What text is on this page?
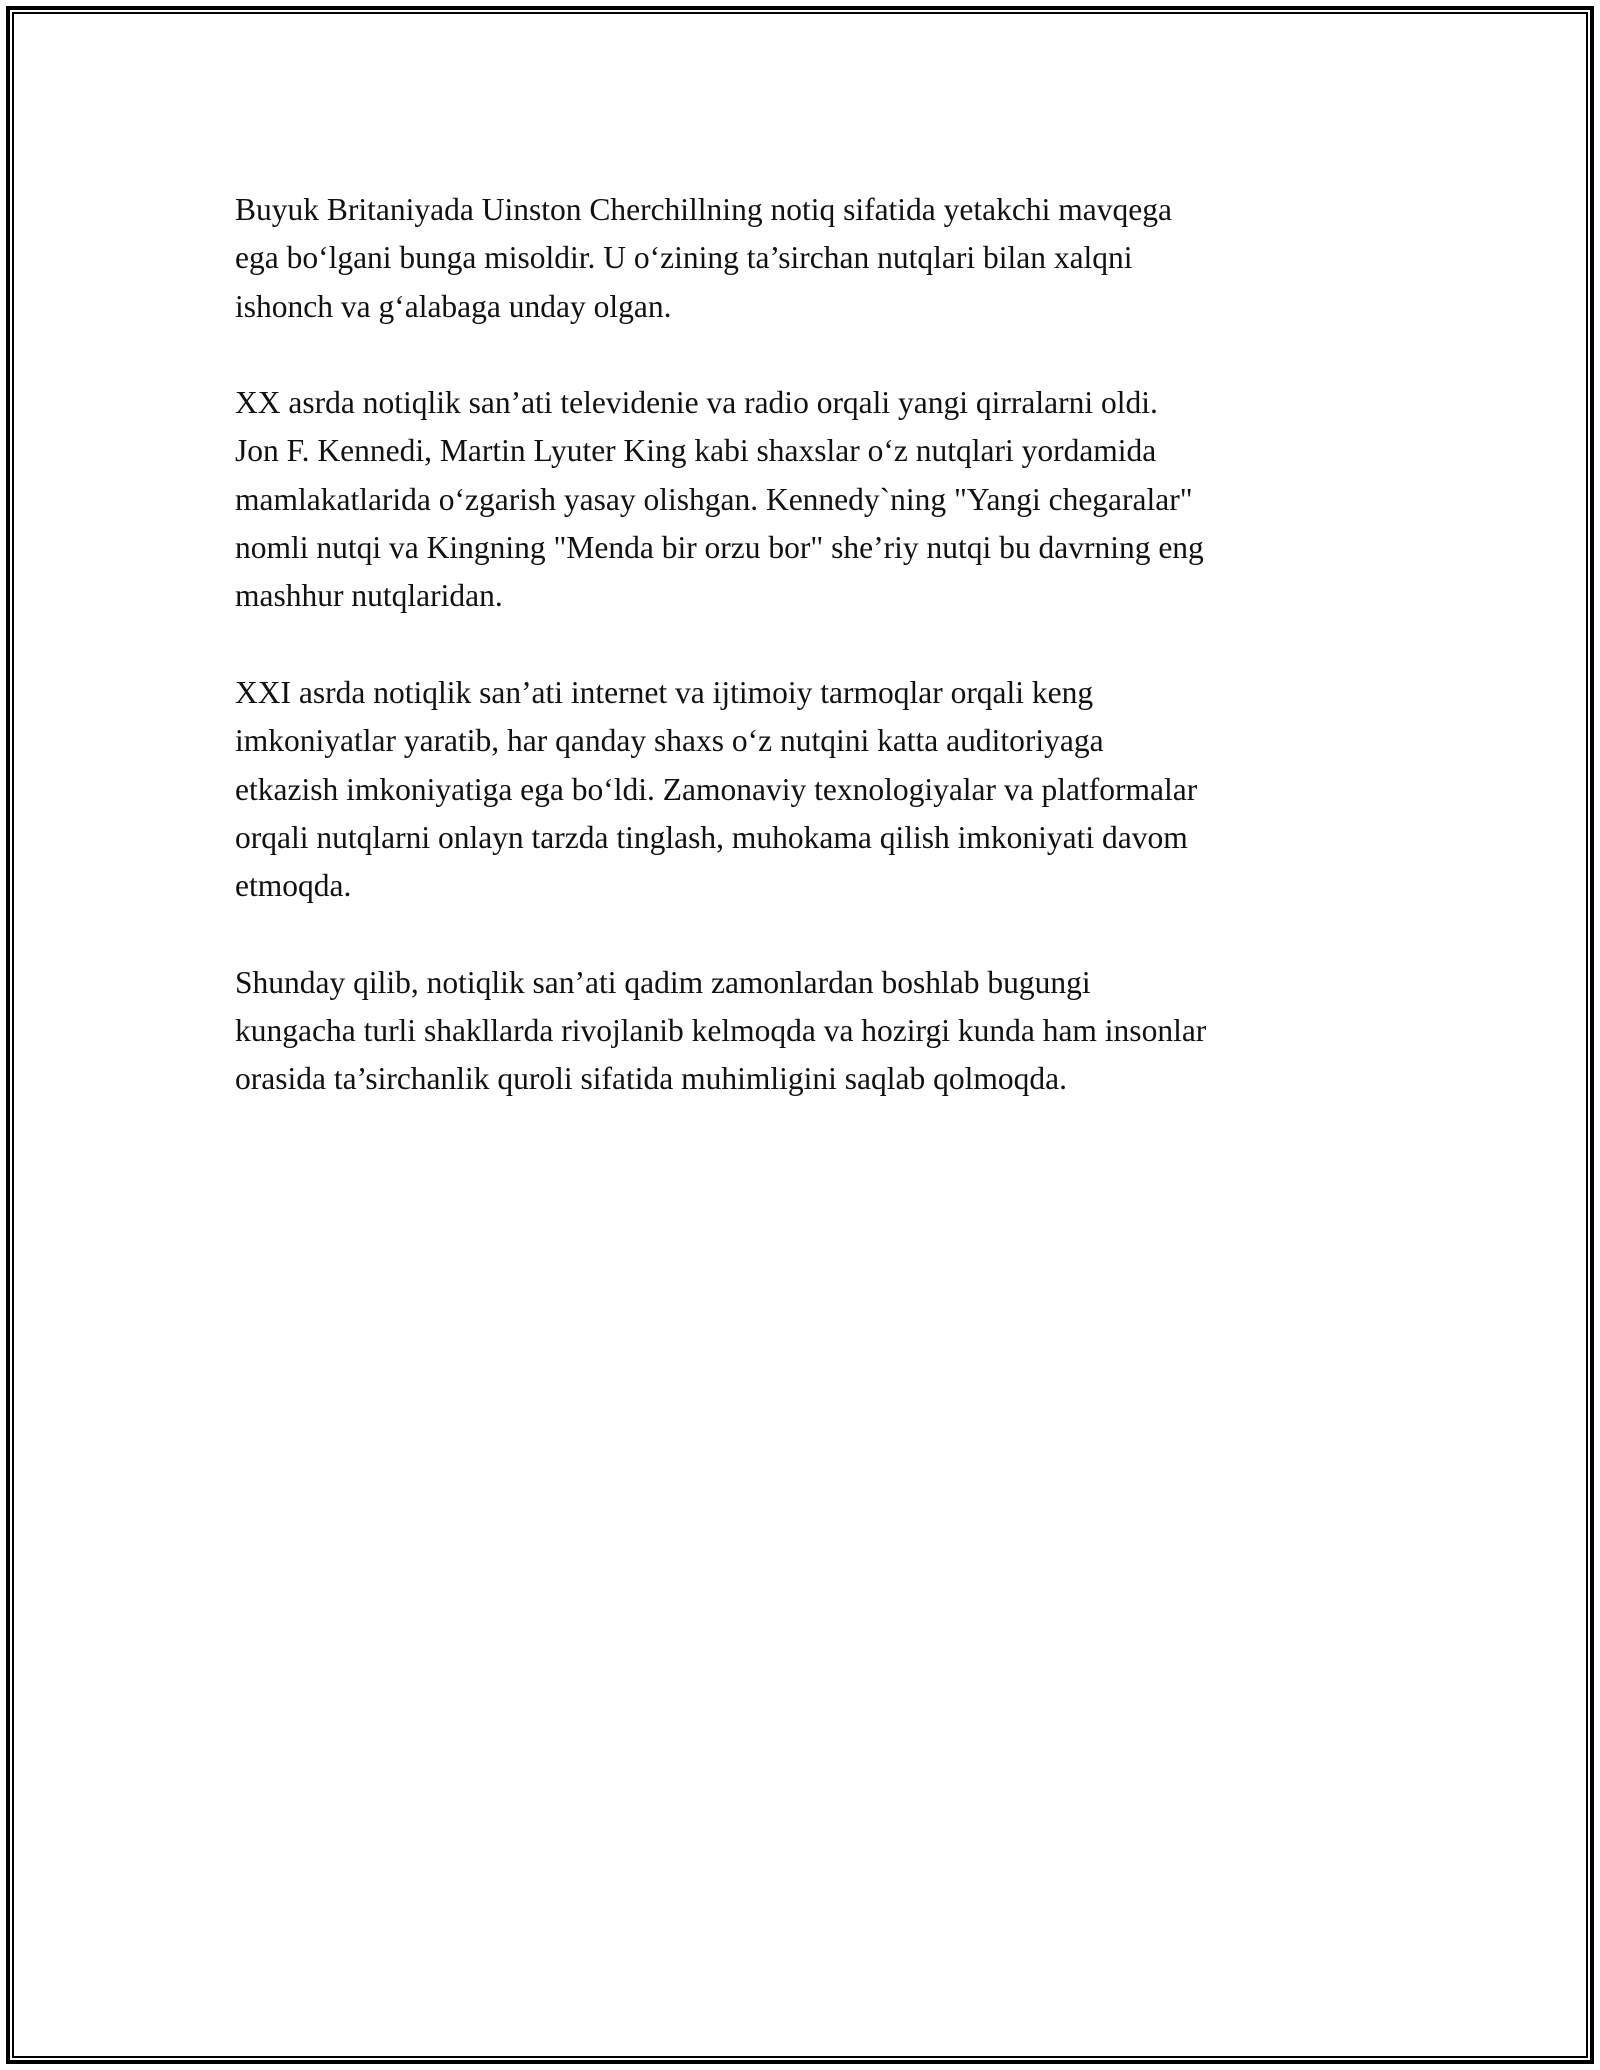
Buyuk Britaniyada Uinston Cherchillning notiq sifatida yetakchi mavqega
ega bo‘lgani bunga misoldir. U o‘zining ta’sirchan nutqlari bilan xalqni
ishonch va g‘alabaga unday olgan.

XX asrda notiqlik san’ati televidenie va radio orqali yangi qirralarni oldi.
Jon F. Kennedi, Martin Lyuter King kabi shaxslar o‘z nutqlari yordamida
mamlakatlarida o‘zgarish yasay olishgan. Kennedy`ning "Yangi chegaralar"
nomli nutqi va Kingning "Menda bir orzu bor" she’riy nutqi bu davrning eng
mashhur nutqlaridan.

XXI asrda notiqlik san’ati internet va ijtimoiy tarmoqlar orqali keng
imkoniyatlar yaratib, har qanday shaxs o‘z nutqini katta auditoriyaga
etkazish imkoniyatiga ega bo‘ldi. Zamonaviy texnologiyalar va platformalar
orqali nutqlarni onlayn tarzda tinglash, muhokama qilish imkoniyati davom
etmoqda.

Shunday qilib, notiqlik san’ati qadim zamonlardan boshlab bugungi
kungacha turli shakllarda rivojlanib kelmoqda va hozirgi kunda ham insonlar
orasida ta’sirchanlik quroli sifatida muhimligini saqlab qolmoqda.
